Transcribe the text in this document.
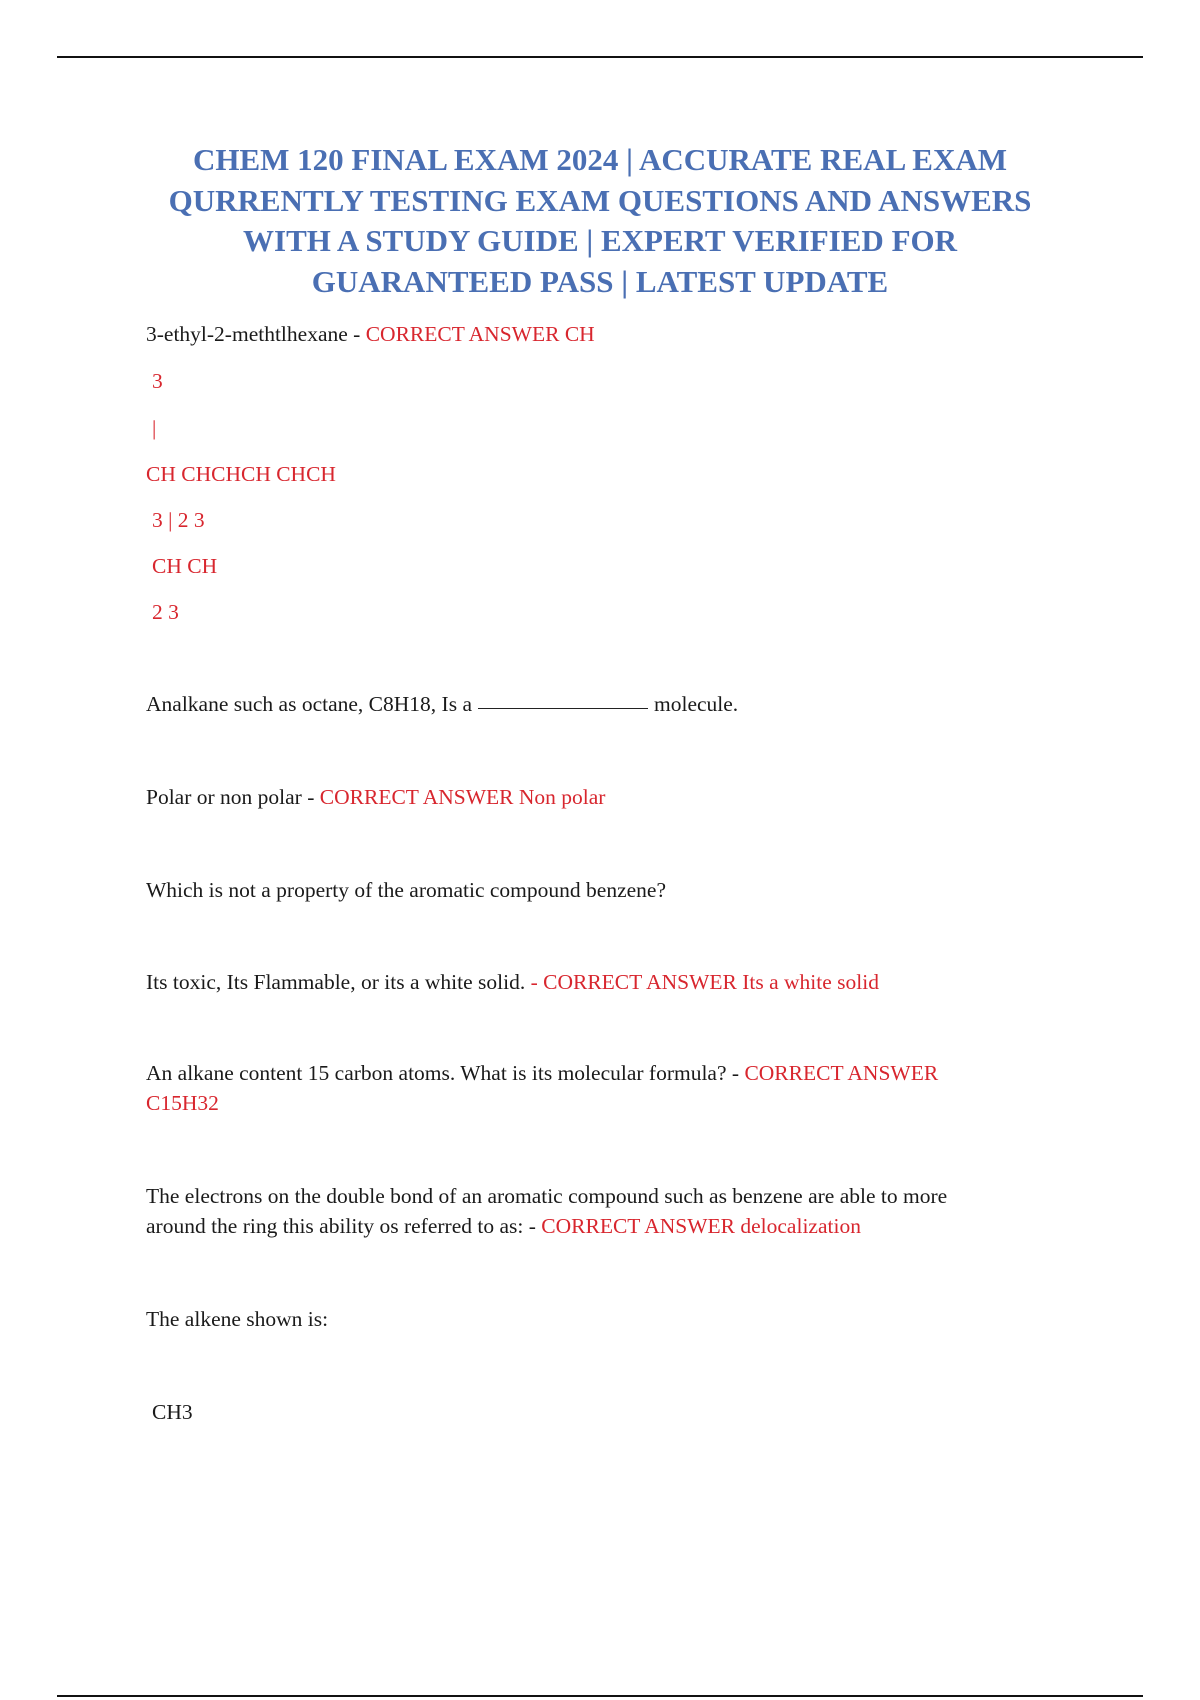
CHEM 120 FINAL EXAM 2024 | ACCURATE REAL EXAM
QURRENTLY TESTING EXAM QUESTIONS AND ANSWERS
WITH A STUDY GUIDE | EXPERT VERIFIED FOR
GUARANTEED PASS | LATEST UPDATE
3-ethyl-2-methtlhexane - CORRECT ANSWER CH
3
|
CH CHCHCH CHCH
3 | 2 3
CH CH
2 3
Analkane such as octane, C8H18, Is a	molecule.
Polar or non polar - CORRECT ANSWER Non polar
Which is not a property of the aromatic compound benzene?
Its toxic, Its Flammable, or its a white solid. - CORRECT ANSWER Its a white solid
An alkane content 15 carbon atoms. What is its molecular formula? - CORRECT ANSWER
C15H32
The electrons on the double bond of an aromatic compound such as benzene are able to more
around the ring this ability os referred to as: - CORRECT ANSWER delocalization
The alkene shown is:
CH3
